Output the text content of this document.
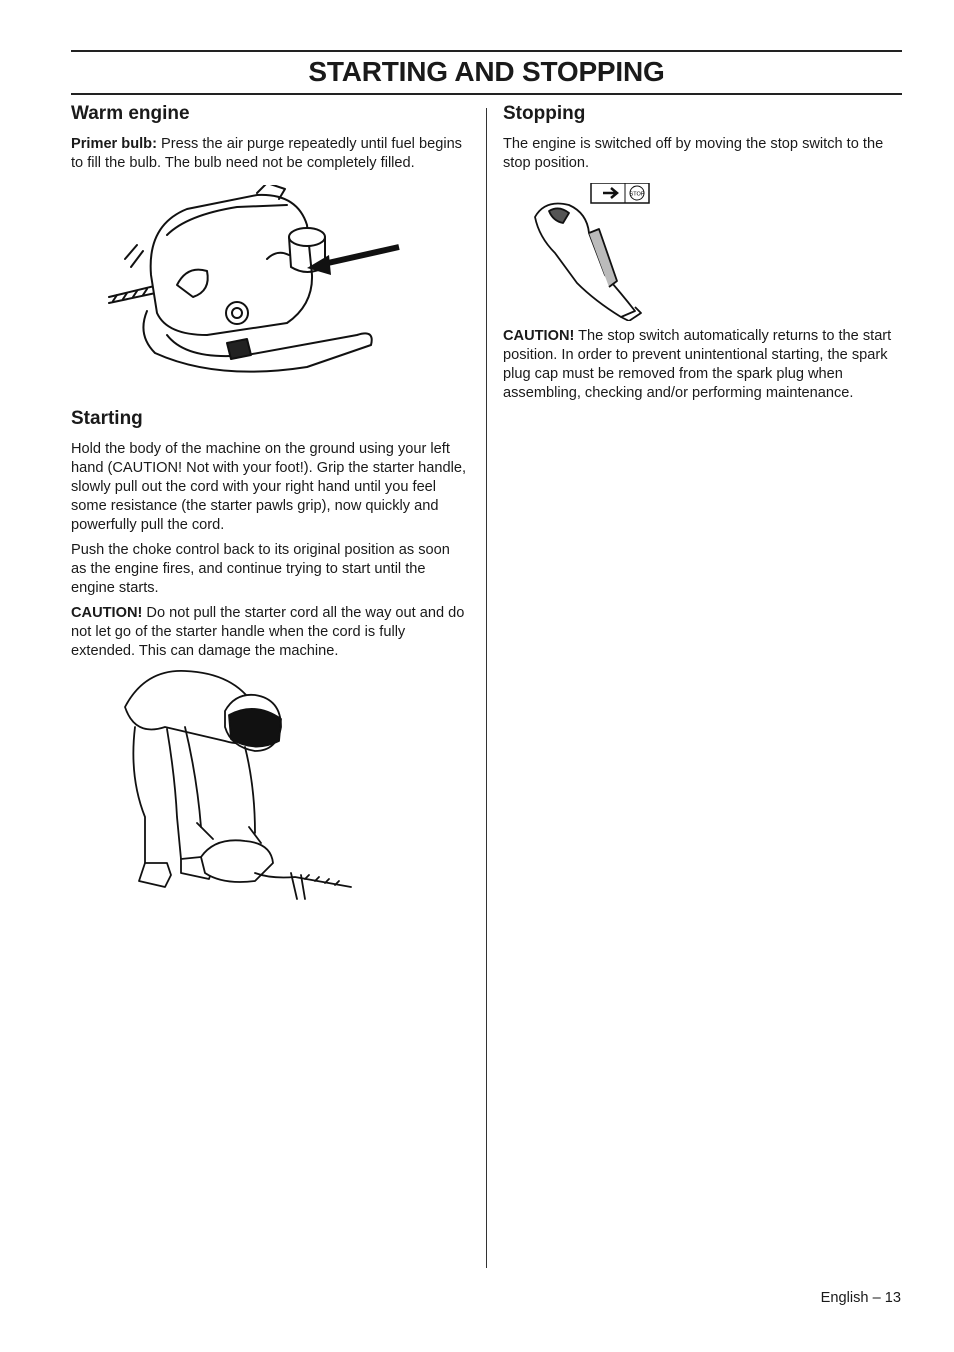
STARTING AND STOPPING
Warm engine

Primer bulb: Press the air purge repeatedly until fuel begins to fill the bulb. The bulb need not be completely filled.

Starting

Hold the body of the machine on the ground using your left hand (CAUTION! Not with your foot!). Grip the starter handle, slowly pull out the cord with your right hand until you feel some resistance (the starter pawls grip), now quickly and powerfully pull the cord.

Push the choke control back to its original position as soon as the engine fires, and continue trying to start until the engine starts.

CAUTION! Do not pull the starter cord all the way out and do not let go of the starter handle when the cord is fully extended. This can damage the machine.

Stopping

The engine is switched off by moving the stop switch to the stop position.

STOP

CAUTION! The stop switch automatically returns to the start position. In order to prevent unintentional starting, the spark plug cap must be removed from the spark plug when assembling, checking and/or performing maintenance.

English – 13
